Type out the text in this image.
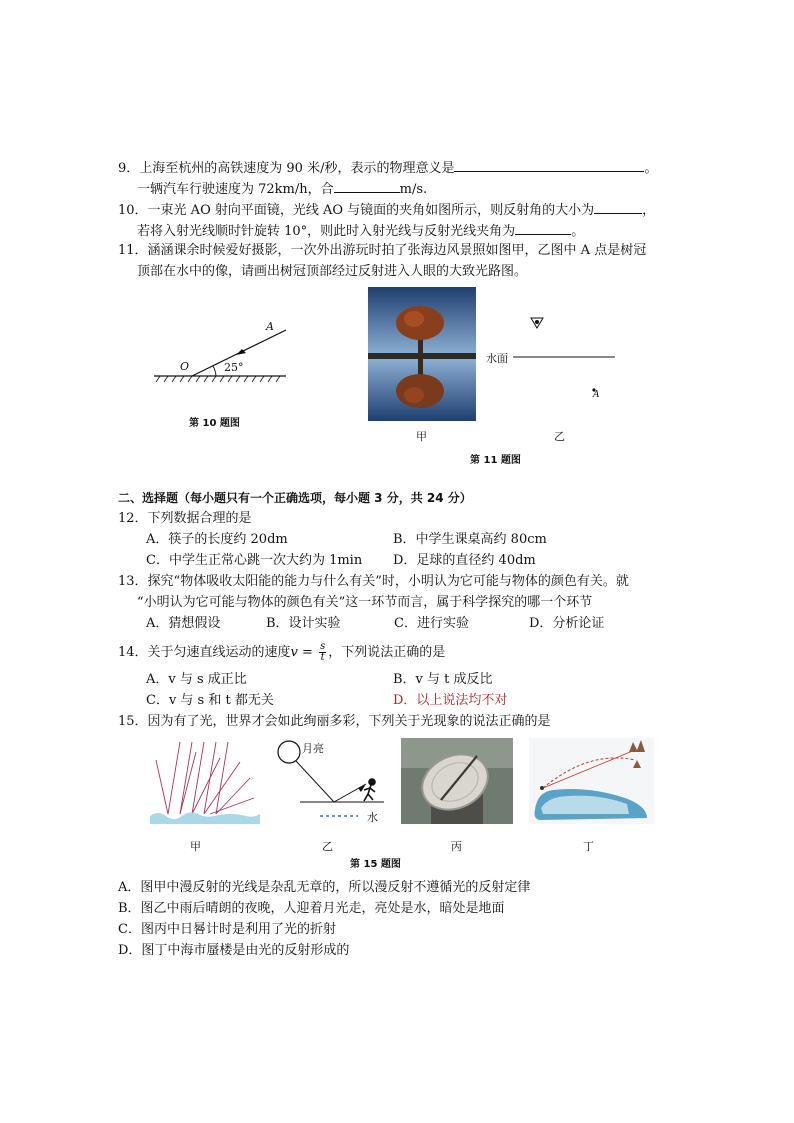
9．上海至杭州的高铁速度为 90 米/秒，表示的物理意义是	。
一辆汽车行驶速度为 72km/h，合	m/s.
10．一束光 AO 射向平面镜，光线 AO 与镜面的夹角如图所示，则反射角的大小为	，
若将入射光线顺时针旋转 10°，则此时入射光线与反射光线夹角为	。
11．涵涵课余时候爱好摄影，一次外出游玩时拍了张海边风景照如图甲，乙图中 A 点是树冠
顶部在水中的像，请画出树冠顶部经过反射进入人眼的大致光路图。
A
O	25°
第 10 题图
甲
水面
A
乙
第 11 题图
二、选择题（每小题只有一个正确选项，每小题 3 分，共 24 分）
12．下列数据合理的是
A．筷子的长度约 20dm	B．中学生课桌高约 80cm
C．中学生正常心跳一次大约为 1min D．足球的直径约 40dm
13．探究“物体吸收太阳能的能力与什么有关”时，小明认为它可能与物体的颜色有关。就
“小明认为它可能与物体的颜色有关”这一环节而言，属于科学探究的哪一个环节
A．猜想假设	B．设计实验	C．进行实验	D．分析论证
14．关于匀速直线运动的速度$v = \frac{s}{t}$ ，下列说法正确的是
A．v 与 s 成正比	B．v 与 t 成反比
C．v 与 s 和 t 都无关	D．以上说法均不对
15．因为有了光，世界才会如此绚丽多彩，下列关于光现象的说法正确的是
月亮
水
甲	乙	丙	丁
第 15 题图
A．图甲中漫反射的光线是杂乱无章的，所以漫反射不遵循光的反射定律
B．图乙中雨后晴朗的夜晚，人迎着月光走，亮处是水，暗处是地面
C．图丙中日晷计时是利用了光的折射
D．图丁中海市蜃楼是由光的反射形成的
